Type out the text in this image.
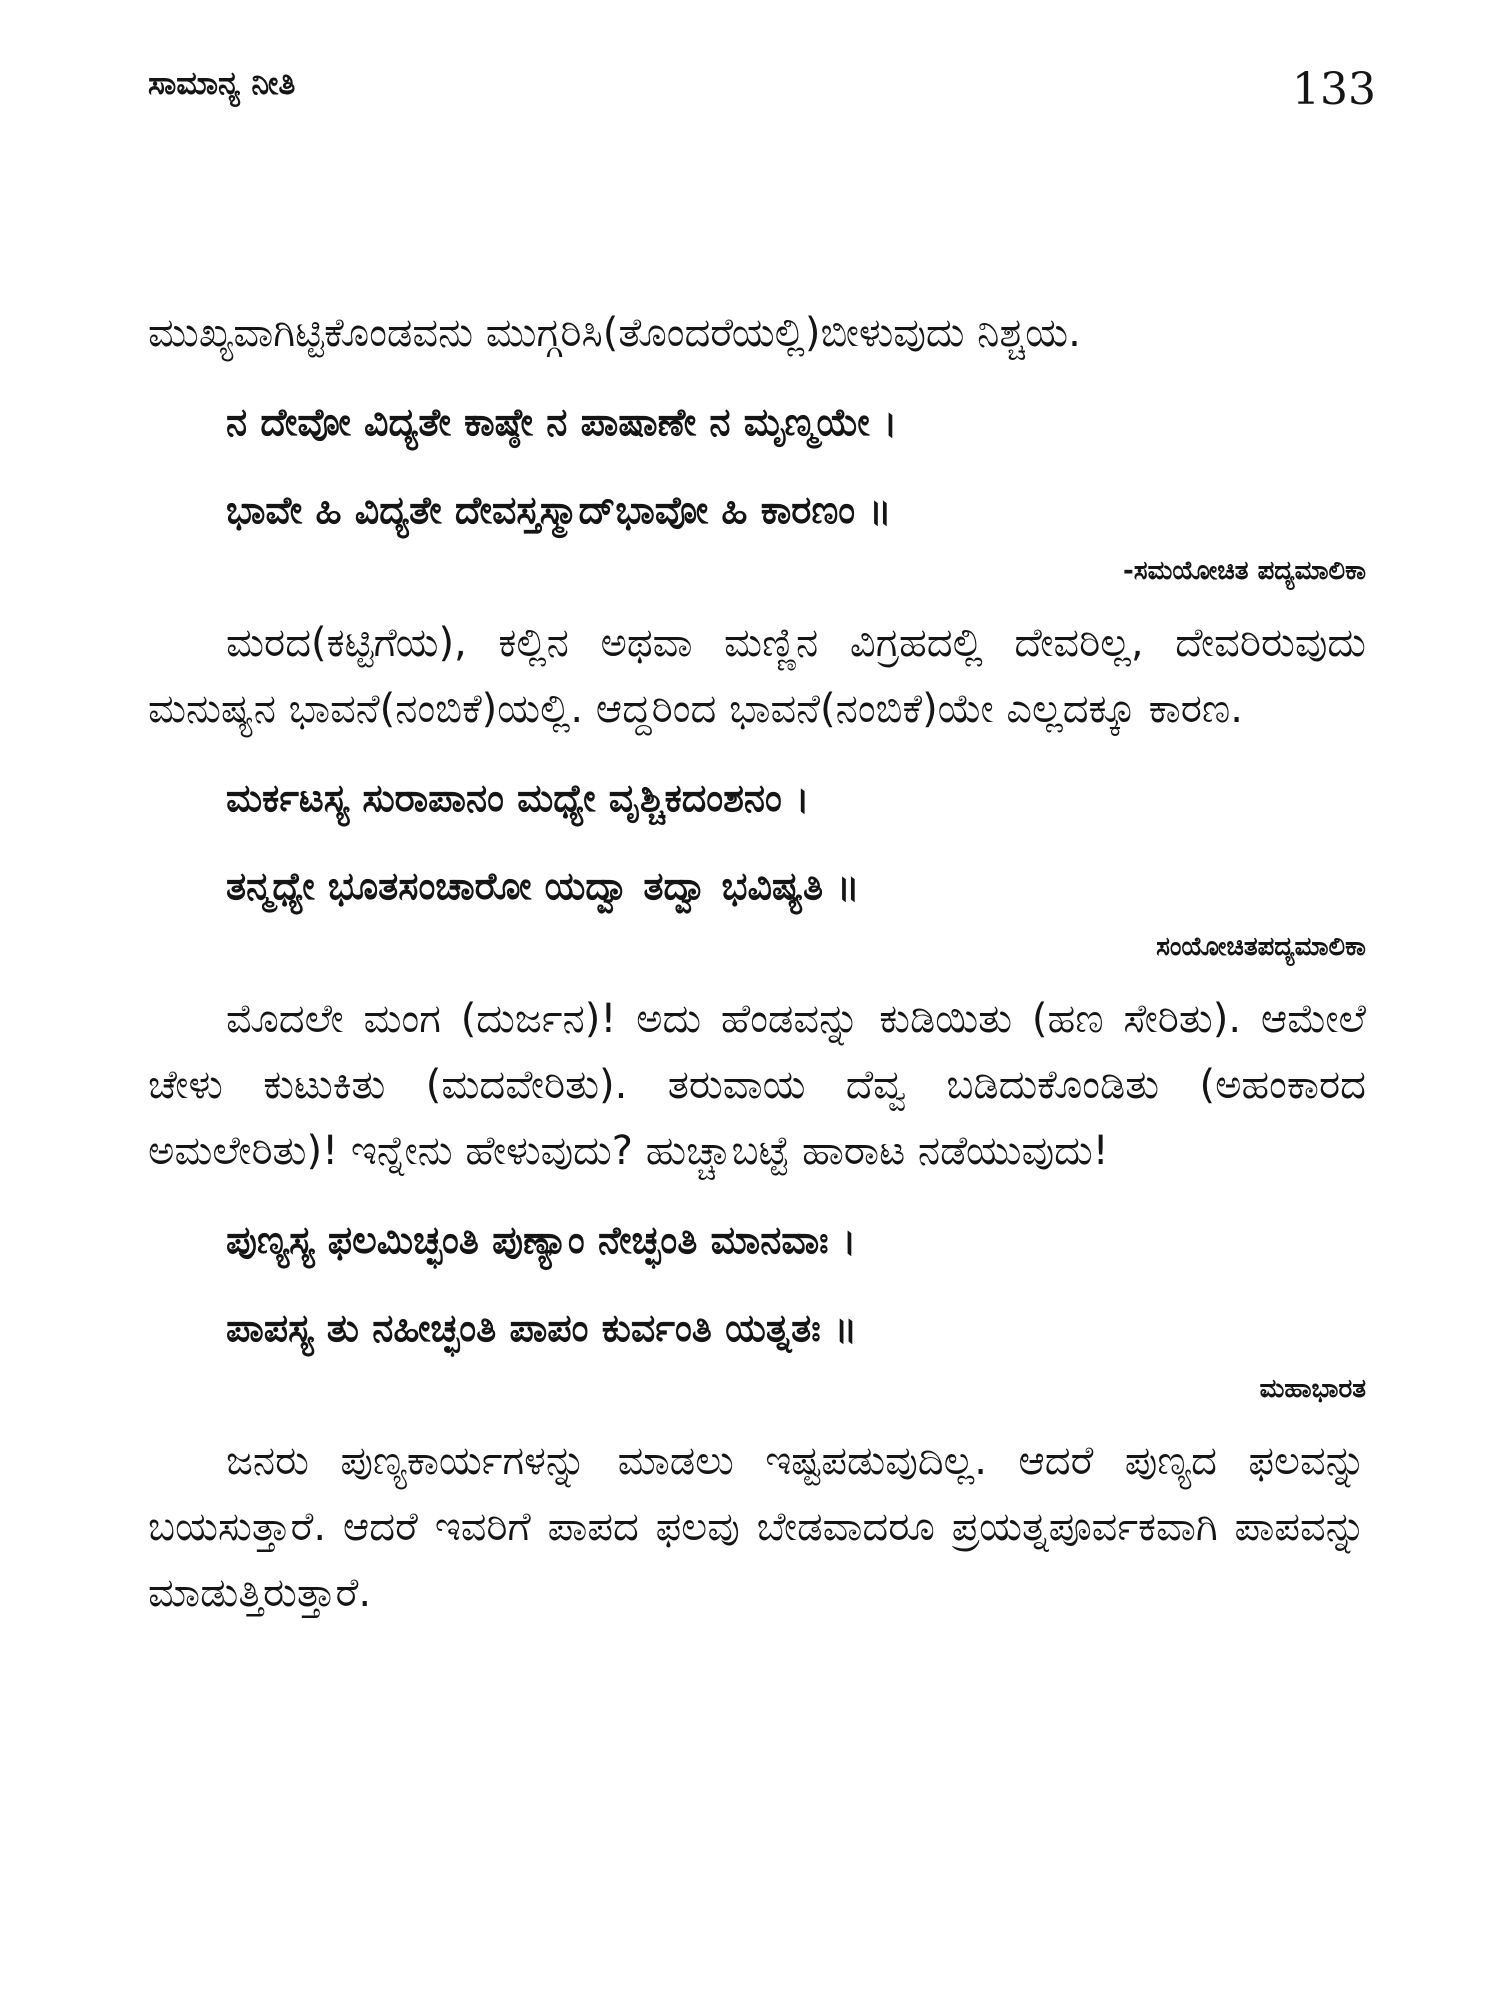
ಸಾಮಾನ್ಯ ನೀತಿ	133

ಮುಖ್ಯವಾಗಿಟ್ಟಿಕೊಂಡವನು ಮುಗ್ಗರಿಸಿ(ತೊಂದರೆಯಲ್ಲಿ)ಬೀಳುವುದು ನಿಶ್ಚಯ.

ನ ದೇವೋ ವಿದ್ಯತೇ ಕಾಷ್ಠೇ ನ ಪಾಷಾಣೇ ನ ಮೃಣ್ಮಯೇ ।
ಭಾವೇ ಹಿ ವಿದ್ಯತೇ ದೇವಸ್ತಸ್ಮಾದ್‌ಭಾವೋ ಹಿ ಕಾರಣಂ ॥

-ಸಮಯೋಚಿತ ಪದ್ಯಮಾಲಿಕಾ

ಮರದ(ಕಟ್ಟಿಗೆಯ), ಕಲ್ಲಿನ ಅಥವಾ ಮಣ್ಣಿನ ವಿಗ್ರಹದಲ್ಲಿ ದೇವರಿಲ್ಲ, ದೇವರಿರುವುದು ಮನುಷ್ಯನ ಭಾವನೆ(ನಂಬಿಕೆ)ಯಲ್ಲಿ. ಆದ್ದರಿಂದ ಭಾವನೆ(ನಂಬಿಕೆ)ಯೇ ಎಲ್ಲದಕ್ಕೂ ಕಾರಣ.

ಮರ್ಕಟಸ್ಯ ಸುರಾಪಾನಂ ಮಧ್ಯೇ ವೃಶ್ಚಿಕದಂಶನಂ ।
ತನ್ಮಧ್ಯೇ ಭೂತಸಂಚಾರೋ ಯದ್ವಾ ತದ್ವಾ ಭವಿಷ್ಯತಿ ॥

ಸಂಯೋಚಿತಪದ್ಯಮಾಲಿಕಾ

ಮೊದಲೇ ಮಂಗ (ದುರ್ಜನ)! ಅದು ಹೆಂಡವನ್ನು ಕುಡಿಯಿತು (ಹಣ ಸೇರಿತು). ಆಮೇಲೆ ಚೇಳು ಕುಟುಕಿತು (ಮದವೇರಿತು). ತರುವಾಯ ದೆವ್ವ ಬಡಿದುಕೊಂಡಿತು (ಅಹಂಕಾರದ ಅಮಲೇರಿತು)! ಇನ್ನೇನು ಹೇಳುವುದು? ಹುಚ್ಚಾಬಟ್ಟೆ ಹಾರಾಟ ನಡೆಯುವುದು!

ಪುಣ್ಯಸ್ಯ ಫಲಮಿಚ್ಛಂತಿ ಪುಣ್ಯಾಂ ನೇಚ್ಛಂತಿ ಮಾನವಾಃ ।
ಪಾಪಸ್ಯ ತು ನಹೀಚ್ಛಂತಿ ಪಾಪಂ ಕುರ್ವಂತಿ ಯತ್ನತಃ ॥

ಮಹಾಭಾರತ

ಜನರು ಪುಣ್ಯಕಾರ್ಯಗಳನ್ನು ಮಾಡಲು ಇಷ್ಟಪಡುವುದಿಲ್ಲ. ಆದರೆ ಪುಣ್ಯದ ಫಲವನ್ನು ಬಯಸುತ್ತಾರೆ. ಆದರೆ ಇವರಿಗೆ ಪಾಪದ ಫಲವು ಬೇಡವಾದರೂ ಪ್ರಯತ್ನಪೂರ್ವಕವಾಗಿ ಪಾಪವನ್ನು ಮಾಡುತ್ತಿರುತ್ತಾರೆ.
